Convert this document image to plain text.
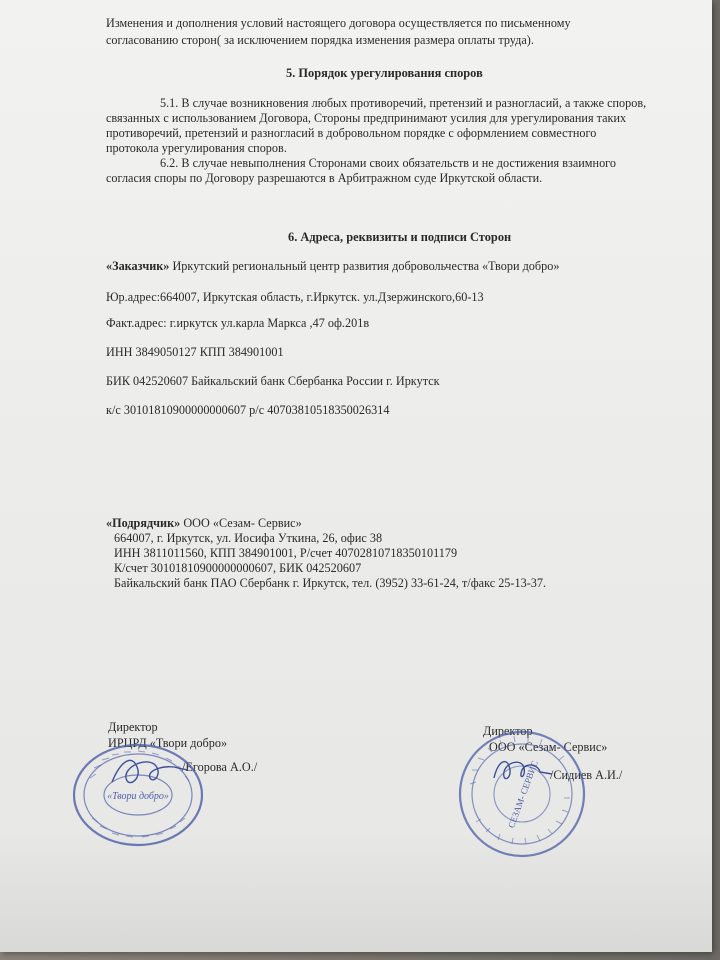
Изменения и дополнения условий настоящего договора осуществляется по письменному
согласованию сторон( за исключением порядка изменения размера оплаты труда).
5. Порядок урегулирования споров
5.1. В случае возникновения любых противоречий, претензий и разногласий, а также споров,
связанных с использованием Договора, Стороны предпринимают усилия для урегулирования таких
противоречий, претензий и разногласий в добровольном порядке с оформлением совместного
протокола урегулирования споров.
6.2. В случае невыполнения Сторонами своих обязательств и не достижения взаимного
согласия споры по Договору разрешаются в Арбитражном суде Иркутской области.
6. Адреса, реквизиты и подписи Сторон
«Заказчик» Иркутский региональный центр развития добровольчества «Твори добро»
Юр.адрес:664007, Иркутская область, г.Иркутск. ул.Дзержинского,60-13
Факт.адрес: г.иркутск ул.карла Маркса ,47 оф.201в
ИНН 3849050127 КПП 384901001
БИК 042520607 Байкальский банк Сбербанка России г. Иркутск
к/с 30101810900000000607 р/с 40703810518350026314
«Подрядчик» ООО «Сезам- Сервис»
664007, г. Иркутск, ул. Иосифа Уткина, 26, офис 38
ИНН 3811011560, КПП 384901001, Р/счет 40702810718350101179
К/счет 30101810900000000607, БИК 042520607
Байкальский банк ПАО Сбербанк г. Иркутск, тел. (3952) 33-61-24, т/факс 25-13-37.
Директор
ИРЦРД «Твори добро»
/Егорова А.О./
Директор
ООО «Сезам- Сервис»
/Сидиев А.И./
«Твори добро»	СЕЗАМ- СЕРВИС
